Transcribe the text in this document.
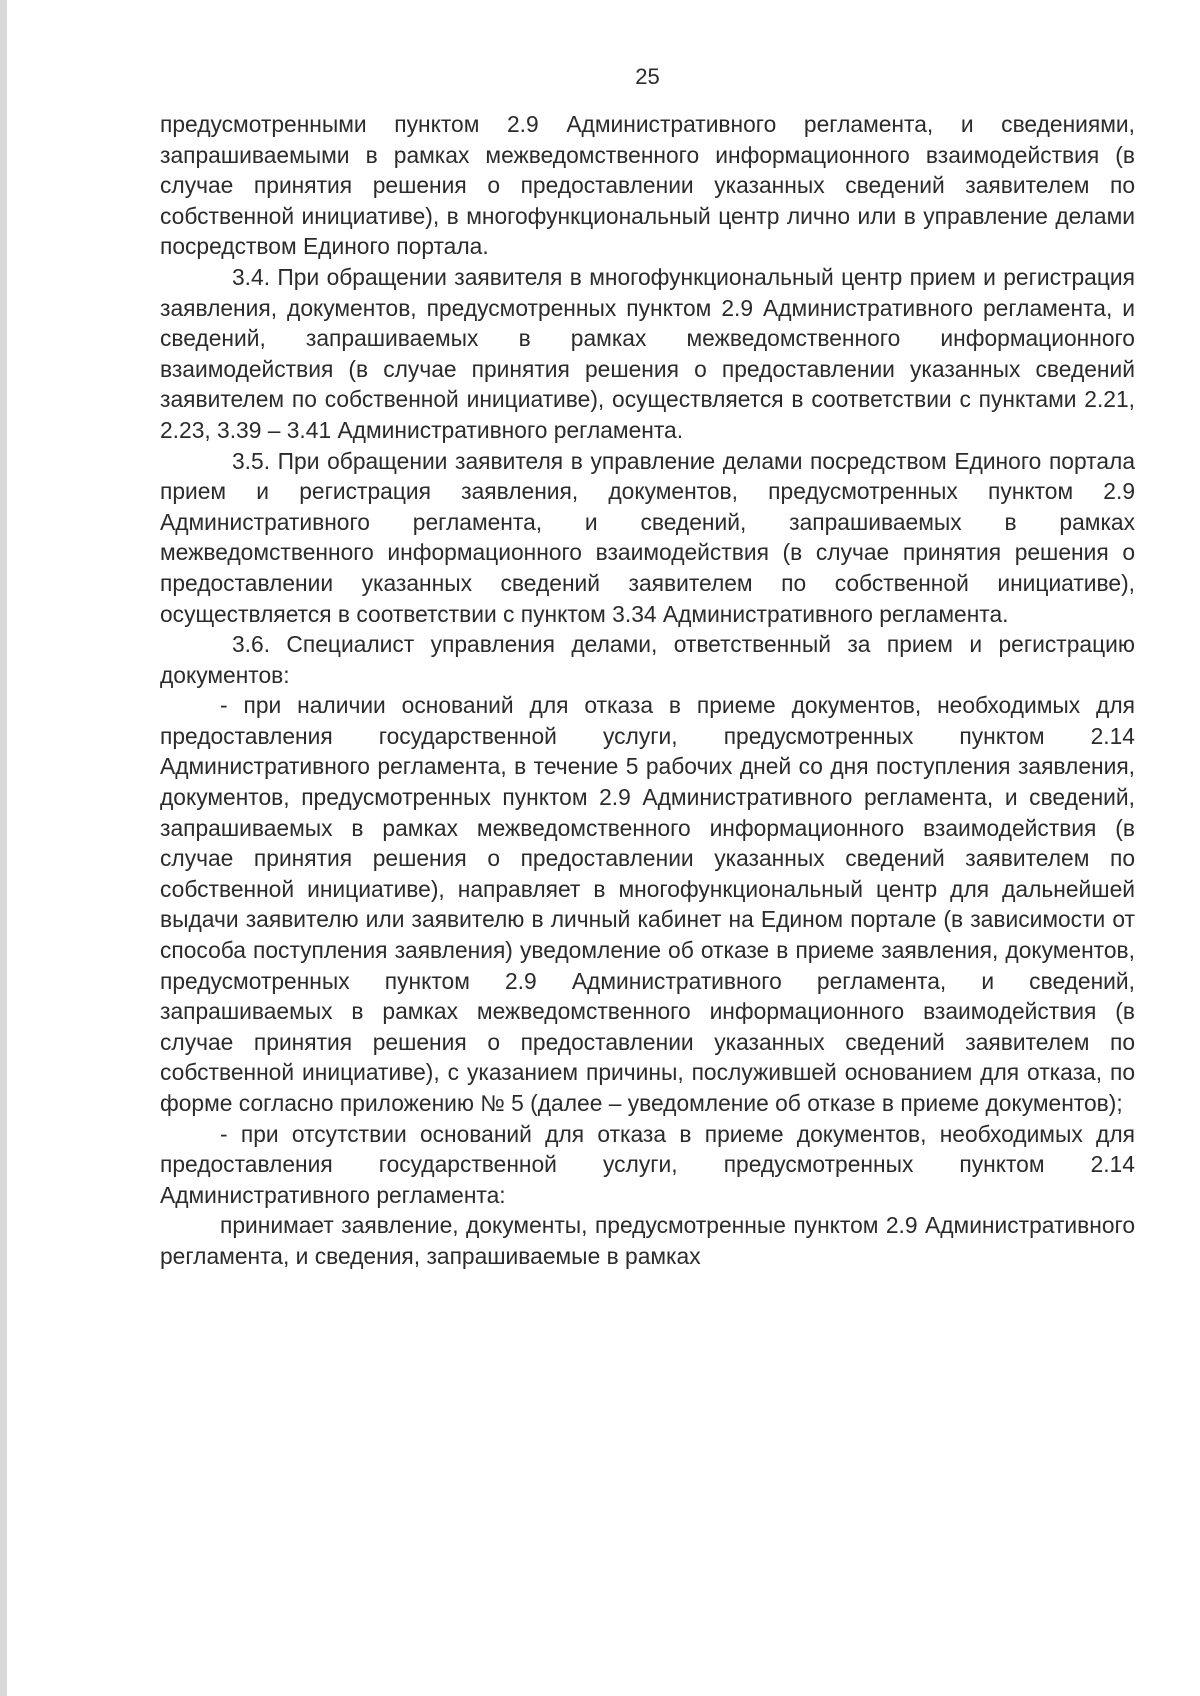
25

предусмотренными пунктом 2.9 Административного регламента, и сведениями, запрашиваемыми в рамках межведомственного информационного взаимодействия (в случае принятия решения о предоставлении указанных сведений заявителем по собственной инициативе), в многофункциональный центр лично или в управление делами посредством Единого портала.

3.4. При обращении заявителя в многофункциональный центр прием и регистрация заявления, документов, предусмотренных пунктом 2.9 Административного регламента, и сведений, запрашиваемых в рамках межведомственного информационного взаимодействия (в случае принятия решения о предоставлении указанных сведений заявителем по собственной инициативе), осуществляется в соответствии с пунктами 2.21, 2.23, 3.39 – 3.41 Административного регламента.

3.5. При обращении заявителя в управление делами посредством Единого портала прием и регистрация заявления, документов, предусмотренных пунктом 2.9 Административного регламента, и сведений, запрашиваемых в рамках межведомственного информационного взаимодействия (в случае принятия решения о предоставлении указанных сведений заявителем по собственной инициативе), осуществляется в соответствии с пунктом 3.34 Административного регламента.

3.6. Специалист управления делами, ответственный за прием и регистрацию документов:

- при наличии оснований для отказа в приеме документов, необходимых для предоставления государственной услуги, предусмотренных пунктом 2.14 Административного регламента, в течение 5 рабочих дней со дня поступления заявления, документов, предусмотренных пунктом 2.9 Административного регламента, и сведений, запрашиваемых в рамках межведомственного информационного взаимодействия (в случае принятия решения о предоставлении указанных сведений заявителем по собственной инициативе), направляет в многофункциональный центр для дальнейшей выдачи заявителю или заявителю в личный кабинет на Едином портале (в зависимости от способа поступления заявления) уведомление об отказе в приеме заявления, документов, предусмотренных пунктом 2.9 Административного регламента, и сведений, запрашиваемых в рамках межведомственного информационного взаимодействия (в случае принятия решения о предоставлении указанных сведений заявителем по собственной инициативе), с указанием причины, послужившей основанием для отказа, по форме согласно приложению № 5 (далее – уведомление об отказе в приеме документов);

- при отсутствии оснований для отказа в приеме документов, необходимых для предоставления государственной услуги, предусмотренных пунктом 2.14 Административного регламента:

принимает заявление, документы, предусмотренные пунктом 2.9 Административного регламента, и сведения, запрашиваемые в рамках
